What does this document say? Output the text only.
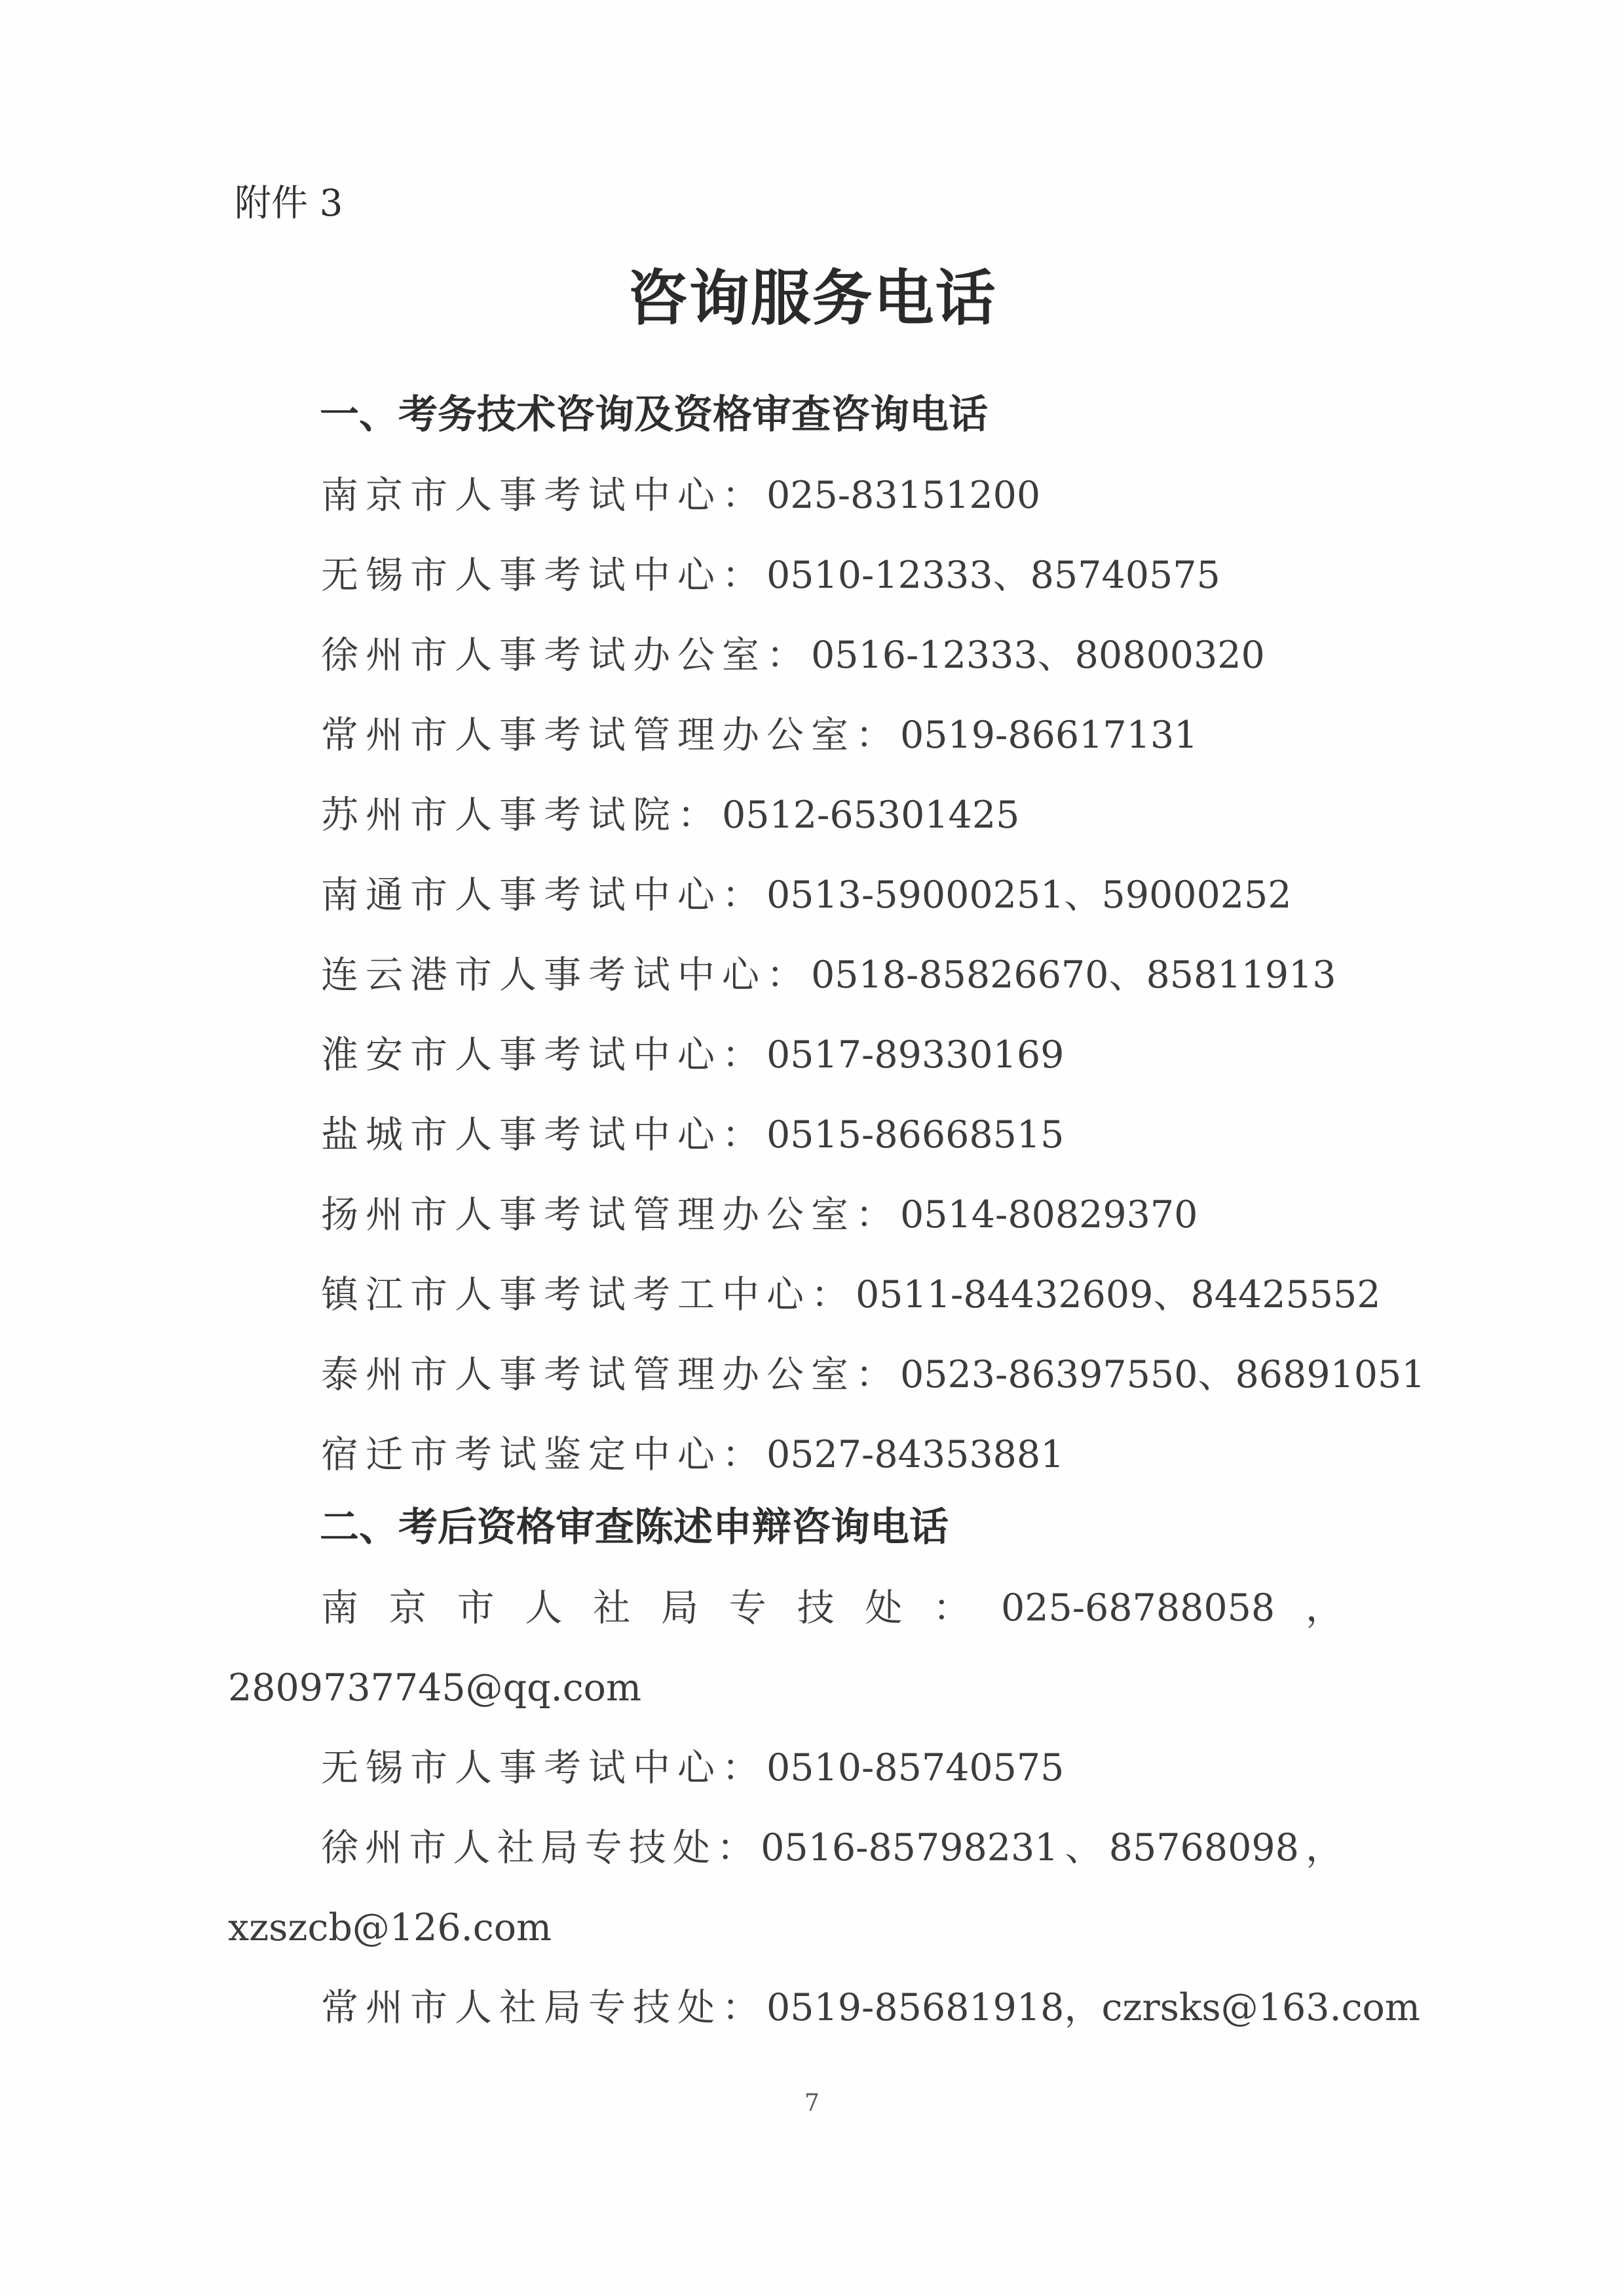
附件 3
咨询服务电话
一、考务技术咨询及资格审查咨询电话
南京市人事考试中心：025-83151200
无锡市人事考试中心：0510-12333、85740575
徐州市人事考试办公室：0516-12333、80800320
常州市人事考试管理办公室：0519-86617131
苏州市人事考试院：0512-65301425
南通市人事考试中心：0513-59000251、59000252
连云港市人事考试中心：0518-85826670、85811913
淮安市人事考试中心：0517-89330169
盐城市人事考试中心：0515-86668515
扬州市人事考试管理办公室：0514-80829370
镇江市人事考试考工中心：0511-84432609、84425552
泰州市人事考试管理办公室：0523-86397550、86891051
宿迁市考试鉴定中心：0527-84353881
二、考后资格审查陈述申辩咨询电话
南 京 市 人 社 局 专 技 处 ： 025-68788058 ，
2809737745@qq.com
无锡市人事考试中心：0510-85740575
徐 州 市 人 社 局 专 技 处 ： 0516-85798231 、 85768098 ，
xzszcb@126.com
常州市人社局专技处：0519-85681918，czrsks@163.com
7
